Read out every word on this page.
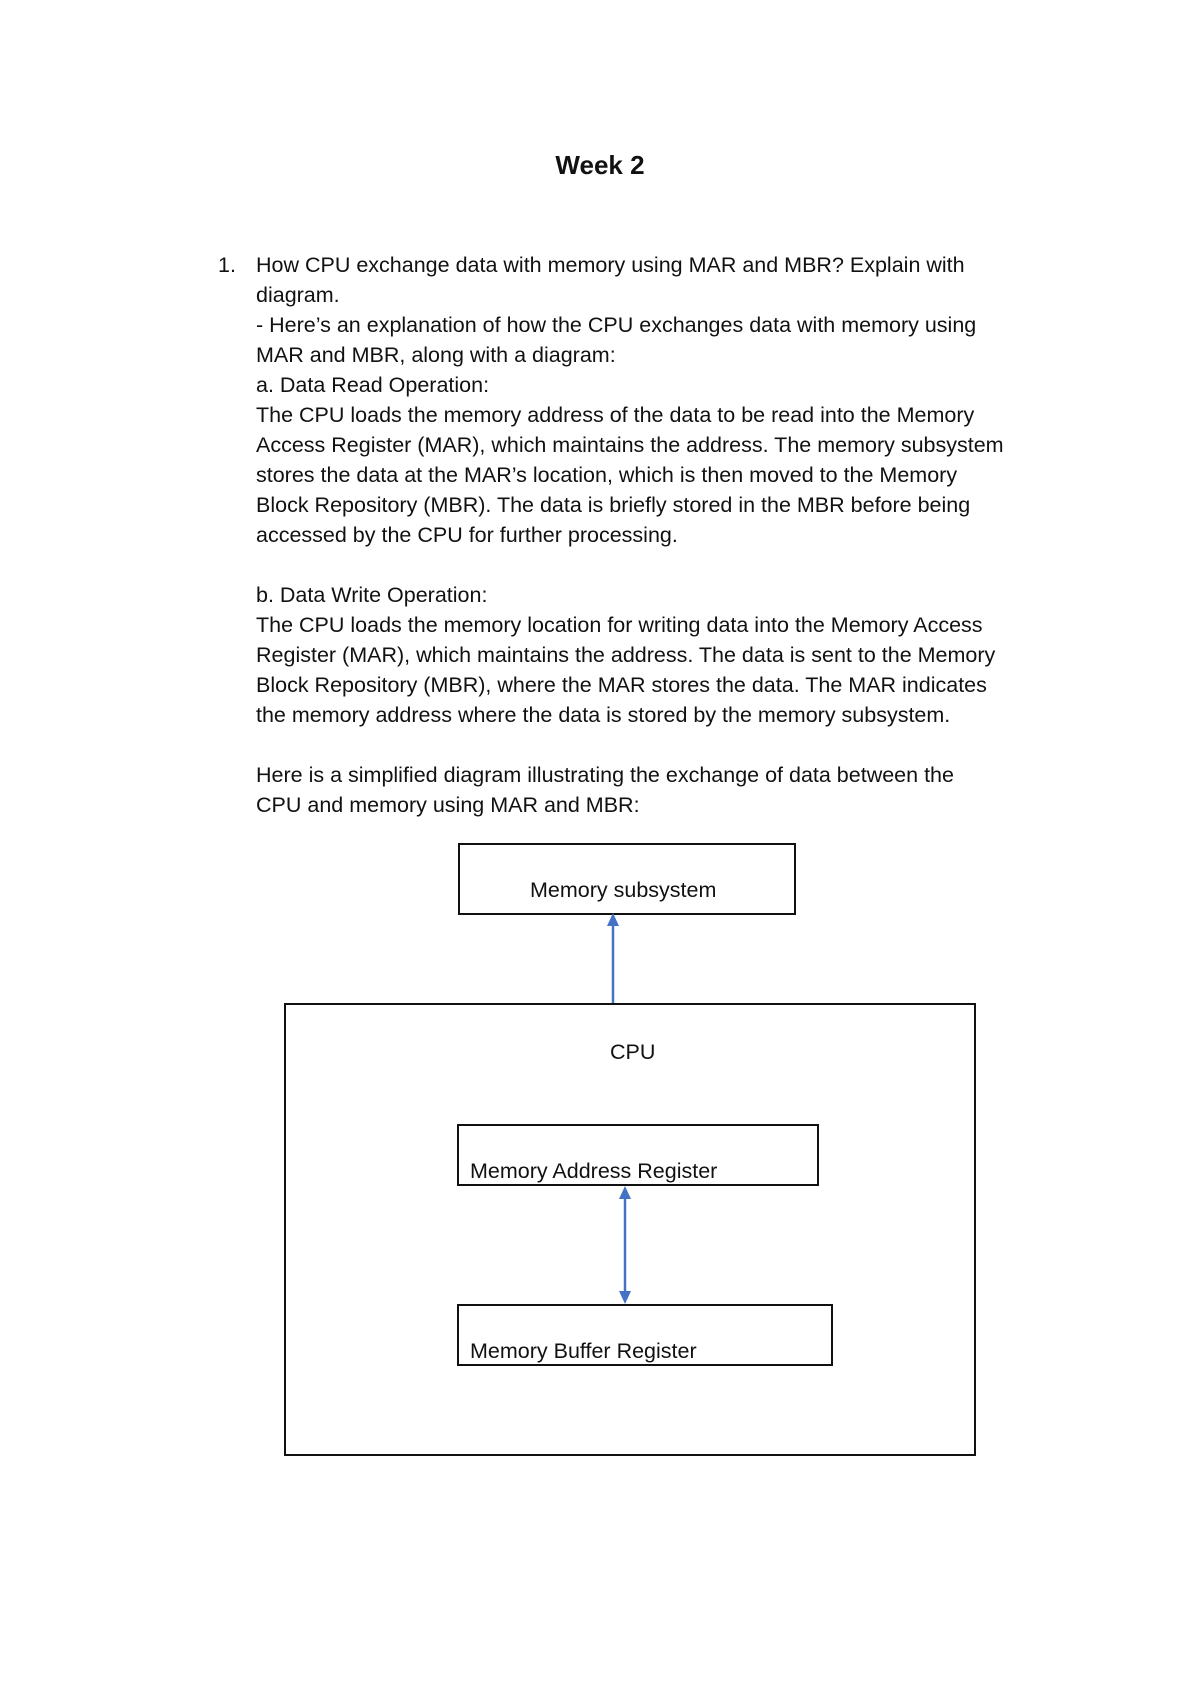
Week 2
1. How CPU exchange data with memory using MAR and MBR? Explain with
diagram.
- Here’s an explanation of how the CPU exchanges data with memory using
MAR and MBR, along with a diagram:
a. Data Read Operation:
The CPU loads the memory address of the data to be read into the Memory
Access Register (MAR), which maintains the address. The memory subsystem
stores the data at the MAR’s location, which is then moved to the Memory
Block Repository (MBR). The data is briefly stored in the MBR before being
accessed by the CPU for further processing.
b. Data Write Operation:
The CPU loads the memory location for writing data into the Memory Access
Register (MAR), which maintains the address. The data is sent to the Memory
Block Repository (MBR), where the MAR stores the data. The MAR indicates
the memory address where the data is stored by the memory subsystem.
Here is a simplified diagram illustrating the exchange of data between the
CPU and memory using MAR and MBR:
Memory subsystem
CPU
Memory Address Register
Memory Buffer Register
